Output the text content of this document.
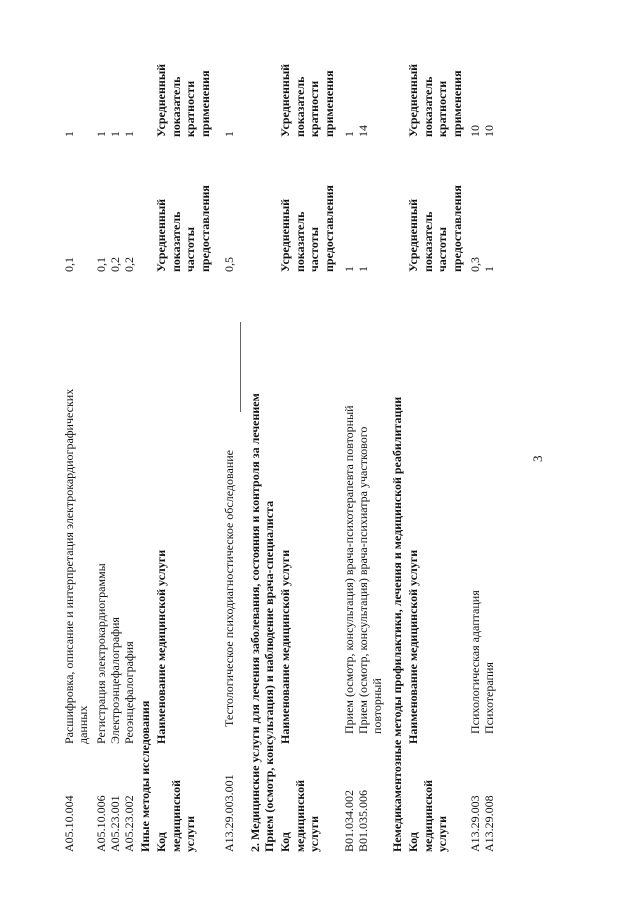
3
A05.10.004
Расшифровка, описание и интерпретация электрокардиографических
данных
0,1
1
A05.10.006
Регистрация электрокардиограммы
0,1
1
A05.23.001
Электроэнцефалография
0,2
1
A05.23.002
Реоэнцефалография
0,2
1
Иные методы исследования Код
медицинской
услуги
Наименование медицинской услуги
Усредненный
показатель
частоты
предоставления
Усредненный
показатель
кратности
применения
A13.29.003.001
Тестологическое психодиагностическое обследование
0,5
1
2. Медицинские услуги для лечения заболевания, состояния и контроля за лечением Прием (осмотр, консультация) и наблюдение врача-специалиста Код
медицинской
услуги
Наименование медицинской услуги
Усредненный
показатель
частоты
предоставления
Усредненный
показатель
кратности
применения
B01.034.002
Прием (осмотр, консультация) врача-психотерапевта повторный
1
1
B01.035.006
Прием (осмотр, консультация) врача-психиатра участкового
повторный
1
14
Немедикаментозные методы профилактики, лечения и медицинской реабилитации Код
медицинской
услуги
Наименование медицинской услуги
Усредненный
показатель
частоты
предоставления
Усредненный
показатель
кратности
применения
A13.29.003
Психологическая адаптация
0,3
10
A13.29.008
Психотерапия
1
10
